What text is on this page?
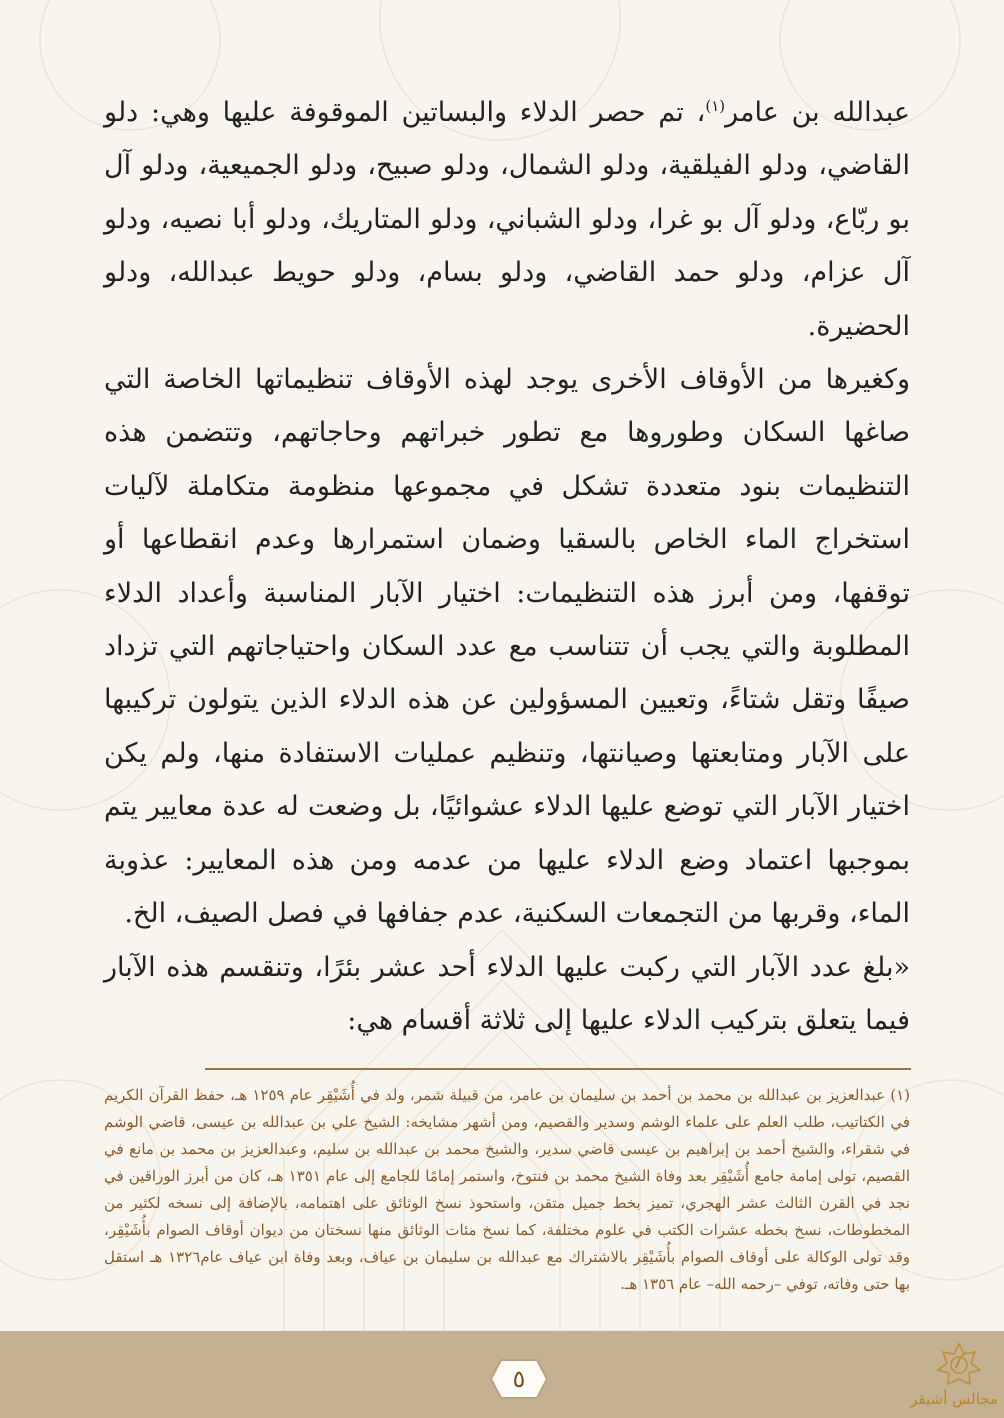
عبدالله بن عامر$^{(١)}$، تم حصر الدلاء والبساتين الموقوفة عليها وهي: دلو القاضي، ودلو الفيلقية، ودلو الشمال، ودلو صبيح، ودلو الجميعية، ودلو آل بو ربّاع، ودلو آل بو غرا، ودلو الشباني، ودلو المتاريك، ودلو أبا نصيه، ودلو آل عزام، ودلو حمد القاضي، ودلو بسام، ودلو حويط عبدالله، ودلو الحضيرة.

وكغيرها من الأوقاف الأخرى يوجد لهذه الأوقاف تنظيماتها الخاصة التي صاغها السكان وطوروها مع تطور خبراتهم وحاجاتهم، وتتضمن هذه التنظيمات بنود متعددة تشكل في مجموعها منظومة متكاملة لآليات استخراج الماء الخاص بالسقيا وضمان استمرارها وعدم انقطاعها أو توقفها، ومن أبرز هذه التنظيمات: اختيار الآبار المناسبة وأعداد الدلاء المطلوبة والتي يجب أن تتناسب مع عدد السكان واحتياجاتهم التي تزداد صيفًا وتقل شتاءً، وتعيين المسؤولين عن هذه الدلاء الذين يتولون تركيبها على الآبار ومتابعتها وصيانتها، وتنظيم عمليات الاستفادة منها، ولم يكن اختيار الآبار التي توضع عليها الدلاء عشوائيًا، بل وضعت له عدة معايير يتم بموجبها اعتماد وضع الدلاء عليها من عدمه ومن هذه المعايير: عذوبة الماء، وقربها من التجمعات السكنية، عدم جفافها في فصل الصيف، الخ.

«بلغ عدد الآبار التي ركبت عليها الدلاء أحد عشر بئرًا، وتنقسم هذه الآبار فيما يتعلق بتركيب الدلاء عليها إلى ثلاثة أقسام هي:

(١) عبدالعزيز بن عبدالله بن محمد بن أحمد بن سليمان بن عامر، من قبيلة شمر، ولد في أُشَيْقِر عام ١٢٥٩ هـ، حفظ القرآن الكريم في الكتاتيب، طلب العلم على علماء الوشم وسدير والقصيم، ومن أشهر مشايخه: الشيخ علي بن عبدالله بن عيسى، قاضي الوشم في شقراء، والشيخ أحمد بن إبراهيم بن عيسى قاضي سدير، والشيخ محمد بن عبدالله بن سليم، وعبدالعزيز بن محمد بن مانع في القصيم، تولى إمامة جامع أُشَيْقِر بعد وفاة الشيخ محمد بن فنتوخ، واستمر إمامًا للجامع إلى عام ١٣٥١ هـ، كان من أبرز الوراقين في نجد في القرن الثالث عشر الهجري، تميز بخط جميل متقن، واستحوذ نسخ الوثائق على اهتمامه، بالإضافة إلى نسخه لكثير من المخطوطات، نسخ بخطه عشرات الكتب في علوم مختلفة، كما نسخ مئات الوثائق منها نسختان من ديوان أوقاف الصوام بأُشَيْقِر، وقد تولى الوكالة على أوقاف الصوام بأُشَيْقِر بالاشتراك مع عبدالله بن سليمان بن عياف، وبعد وفاة ابن عياف عام١٣٢٦ هـ استقل بها حتى وفاته، توفي –رحمه الله– عام ١٣٥٦ هـ.

٥
مجالس أشيقر
